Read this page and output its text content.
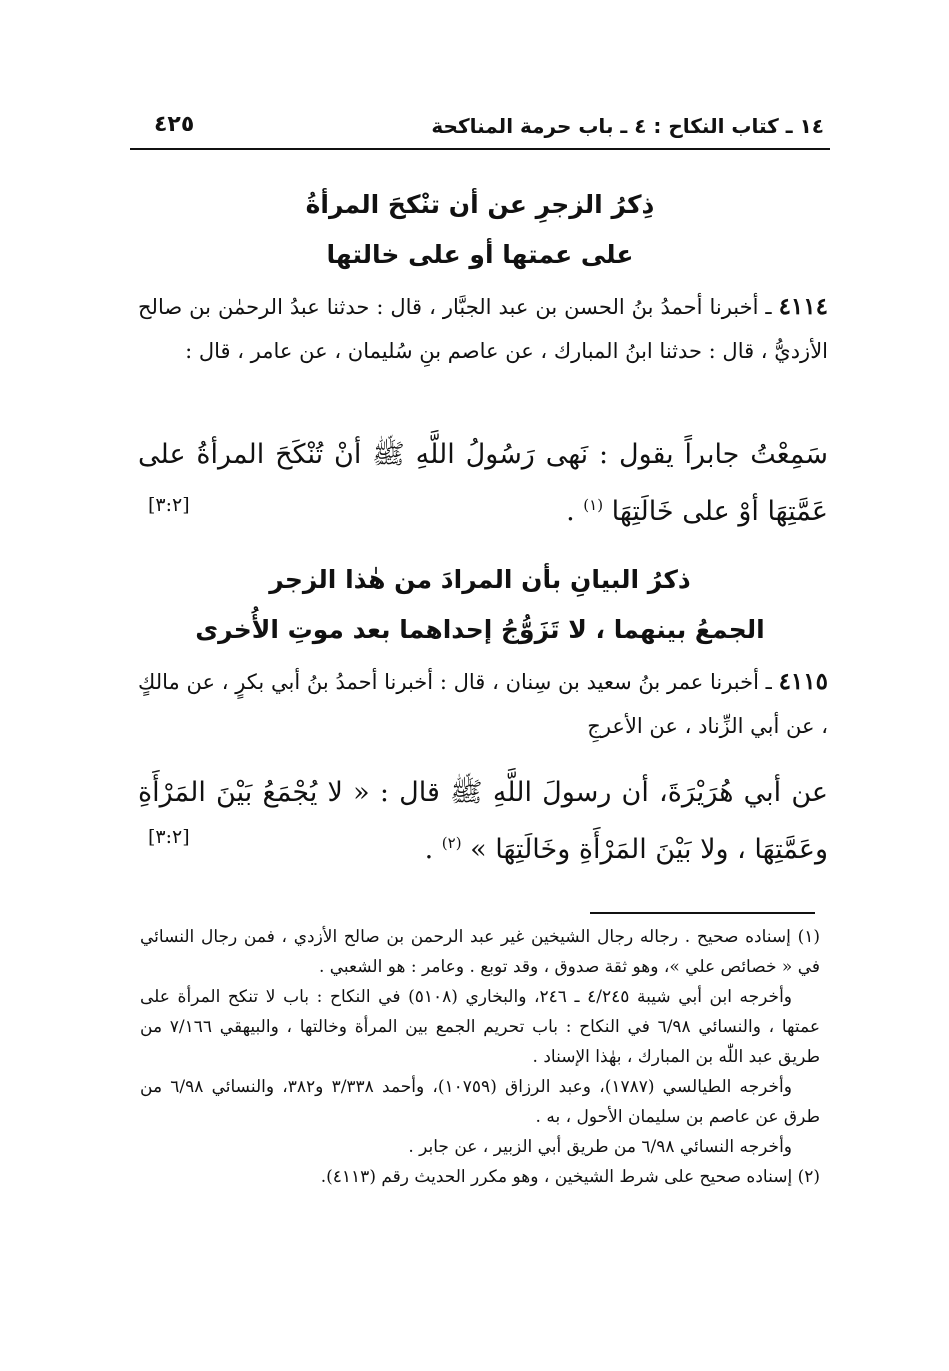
١٤ ـ كتاب النكاح : ٤ ـ باب حرمة المناكحة
٤٢٥
ذِكرُ الزجرِ عن أن تنْكحَ المرأةُ
على عمتها أو على خالتها
٤١١٤ ـ أخبرنا أحمدُ بنُ الحسن بن عبد الجبَّار ، قال : حدثنا عبدُ الرحمٰن بن صالح الأزديُّ ، قال : حدثنا ابنُ المبارك ، عن عاصم بنِ سُليمان ، عن عامر ، قال :
سَمِعْتُ جابراً يقول : نَهى رَسُولُ اللَّهِ ﷺ أنْ تُنْكَحَ المرأةُ على عَمَّتِهَا أوْ على خَالَتِهَا $^{(١)}$ .
[٣:٢]
ذكرُ البيانِ بأن المرادَ من هٰذا الزجر
الجمعُ بينهما ، لا تَزَوُّجُ إحداهما بعد موتِ الأُخرى
٤١١٥ ـ أخبرنا عمر بنُ سعيد بن سِنان ، قال : أخبرنا أحمدُ بنُ أبي بكرٍ ، عن مالكٍ ، عن أبي الزِّناد ، عن الأعرجِ
عن أبي هُرَيْرَةَ، أن رسولَ اللَّهِ ﷺ قال : « لا يُجْمَعُ بَيْنَ المَرْأَةِ وعَمَّتِهَا ، ولا بَيْنَ المَرْأَةِ وخَالَتِهَا » $^{(٢)}$ .
[٣:٢]

(١) إسناده صحيح . رجاله رجال الشيخين غير عبد الرحمن بن صالح الأزدي ، فمن رجال النسائي في « خصائص علي »، وهو ثقة صدوق ، وقد توبع . وعامر : هو الشعبي .

وأخرجه ابن أبي شيبة ٤/٢٤٥ ـ ٢٤٦، والبخاري (٥١٠٨) في النكاح : باب لا تنكح المرأة على عمتها ، والنسائي ٦/٩٨ في النكاح : باب تحريم الجمع بين المرأة وخالتها ، والبيهقي ٧/١٦٦ من طريق عبد اللّٰه بن المبارك ، بهٰذا الإسناد .

وأخرجه الطيالسي (١٧٨٧)، وعبد الرزاق (١٠٧٥٩)، وأحمد ٣/٣٣٨ و٣٨٢، والنسائي ٦/٩٨ من طرق عن عاصم بن سليمان الأحول ، به .

وأخرجه النسائي ٦/٩٨ من طريق أبي الزبير ، عن جابر .

(٢) إسناده صحيح على شرط الشيخين ، وهو مكرر الحديث رقم (٤١١٣).
